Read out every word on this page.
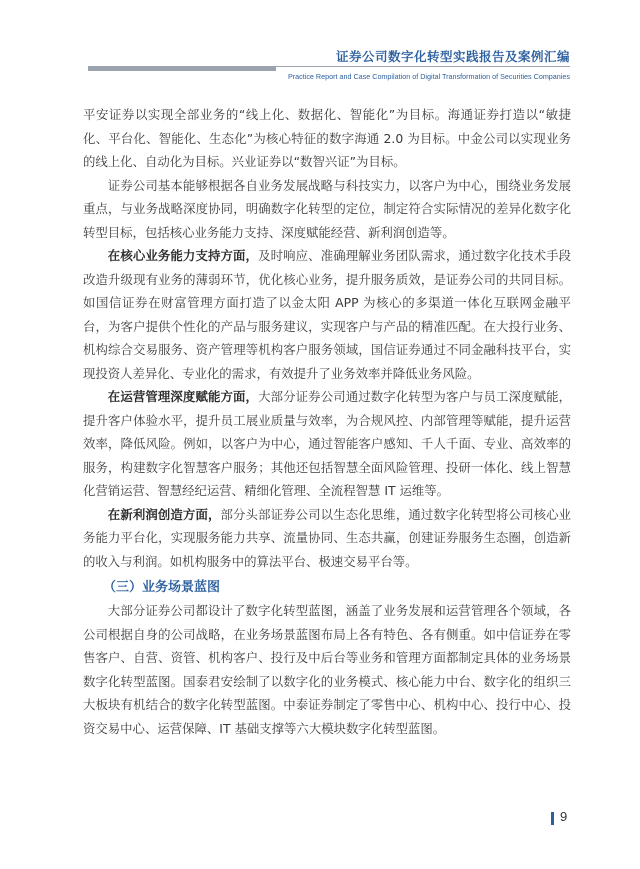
证券公司数字化转型实践报告及案例汇编
Practice Report and Case Compilation of Digital Transformation of Securities Companies

平安证券以实现全部业务的“线上化、数据化、智能化”为目标。海通证券打造以“敏捷化、平台化、智能化、生态化”为核心特征的数字海通 2.0 为目标。中金公司以实现业务的线上化、自动化为目标。兴业证券以“数智兴证”为目标。

证券公司基本能够根据各自业务发展战略与科技实力，以客户为中心，围绕业务发展重点，与业务战略深度协同，明确数字化转型的定位，制定符合实际情况的差异化数字化转型目标，包括核心业务能力支持、深度赋能经营、新利润创造等。

在核心业务能力支持方面，及时响应、准确理解业务团队需求，通过数字化技术手段改造升级现有业务的薄弱环节，优化核心业务，提升服务质效，是证券公司的共同目标。如国信证券在财富管理方面打造了以金太阳 APP 为核心的多渠道一体化互联网金融平台，为客户提供个性化的产品与服务建议，实现客户与产品的精准匹配。在大投行业务、机构综合交易服务、资产管理等机构客户服务领域，国信证券通过不同金融科技平台，实现投资人差异化、专业化的需求，有效提升了业务效率并降低业务风险。

在运营管理深度赋能方面，大部分证券公司通过数字化转型为客户与员工深度赋能，提升客户体验水平，提升员工展业质量与效率，为合规风控、内部管理等赋能，提升运营效率，降低风险。例如，以客户为中心，通过智能客户感知、千人千面、专业、高效率的服务，构建数字化智慧客户服务；其他还包括智慧全面风险管理、投研一体化、线上智慧化营销运营、智慧经纪运营、精细化管理、全流程智慧 IT 运维等。

在新利润创造方面，部分头部证券公司以生态化思维，通过数字化转型将公司核心业务能力平台化，实现服务能力共享、流量协同、生态共赢，创建证券服务生态圈，创造新的收入与利润。如机构服务中的算法平台、极速交易平台等。

（三）业务场景蓝图

大部分证券公司都设计了数字化转型蓝图，涵盖了业务发展和运营管理各个领域，各公司根据自身的公司战略，在业务场景蓝图布局上各有特色、各有侧重。如中信证券在零售客户、自营、资管、机构客户、投行及中后台等业务和管理方面都制定具体的业务场景数字化转型蓝图。国泰君安绘制了以数字化的业务模式、核心能力中台、数字化的组织三大板块有机结合的数字化转型蓝图。中泰证券制定了零售中心、机构中心、投行中心、投资交易中心、运营保障、IT 基础支撑等六大模块数字化转型蓝图。

9
